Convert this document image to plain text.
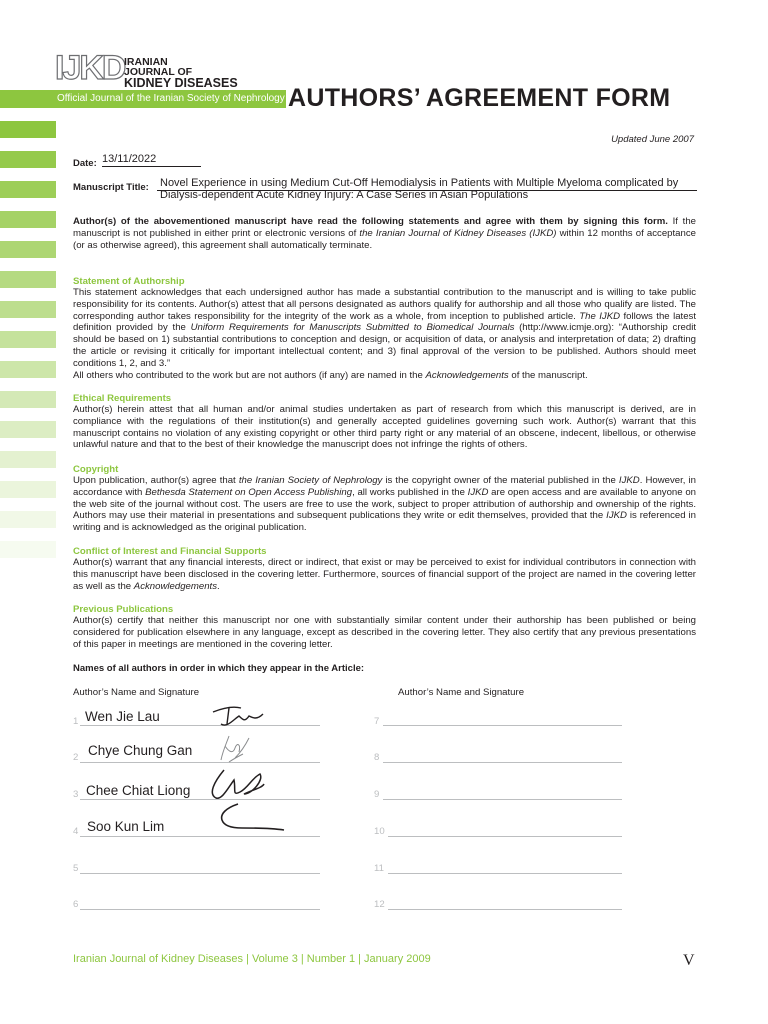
IJKD IRANIAN
JOURNAL OF
KIDNEY DISEASES
Official Journal of the Iranian Society of Nephrology AUTHORS’ AGREEMENT FORM
Updated June 2007
Date: 13/11/2022
Manuscript Title: Novel Experience in using Medium Cut-Off Hemodialysis in Patients with Multiple Myeloma complicated by
Dialysis-dependent Acute Kidney Injury: A Case Series in Asian Populations
Author(s) of the abovementioned manuscript have read the following statements and agree with them by signing this form. If the manuscript is not published in either print or electronic versions of the Iranian Journal of Kidney Diseases (IJKD) within 12 months of acceptance (or as otherwise agreed), this agreement shall automatically terminate.
Statement of Authorship
This statement acknowledges that each undersigned author has made a substantial contribution to the manuscript and is willing to take public responsibility for its contents. Author(s) attest that all persons designated as authors qualify for authorship and all those who qualify are listed. The corresponding author takes responsibility for the integrity of the work as a whole, from inception to published article. The IJKD follows the latest definition provided by the Uniform Requirements for Manuscripts Submitted to Biomedical Journals (http://www.icmje.org): “Authorship credit should be based on 1) substantial contributions to conception and design, or acquisition of data, or analysis and interpretation of data; 2) drafting the article or revising it critically for important intellectual content; and 3) final approval of the version to be published. Authors should meet conditions 1, 2, and 3.”
All others who contributed to the work but are not authors (if any) are named in the Acknowledgements of the manuscript.
Ethical Requirements
Author(s) herein attest that all human and/or animal studies undertaken as part of research from which this manuscript is derived, are in compliance with the regulations of their institution(s) and generally accepted guidelines governing such work. Author(s) warrant that this manuscript contains no violation of any existing copyright or other third party right or any material of an obscene, indecent, libellous, or otherwise unlawful nature and that to the best of their knowledge the manuscript does not infringe the rights of others.
Copyright
Upon publication, author(s) agree that the Iranian Society of Nephrology is the copyright owner of the material published in the IJKD. However, in accordance with Bethesda Statement on Open Access Publishing, all works published in the IJKD are open access and are available to anyone on the web site of the journal without cost. The users are free to use the work, subject to proper attribution of authorship and ownership of the rights. Authors may use their material in presentations and subsequent publications they write or edit themselves, provided that the IJKD is referenced in writing and is acknowledged as the original publication.
Conflict of Interest and Financial Supports
Author(s) warrant that any financial interests, direct or indirect, that exist or may be perceived to exist for individual contributors in connection with this manuscript have been disclosed in the covering letter. Furthermore, sources of financial support of the project are named in the covering letter as well as the Acknowledgements.
Previous Publications
Author(s) certify that neither this manuscript nor one with substantially similar content under their authorship has been published or being considered for publication elsewhere in any language, except as described in the covering letter. They also certify that any previous presentations of this paper in meetings are mentioned in the covering letter.
Names of all authors in order in which they appear in the Article:
Author’s Name and Signature	Author’s Name and Signature
1 Wen Jie Lau
2 Chye Chung Gan
3 Chee Chiat Liong
4 Soo Kun Lim
5
6
7
8
9
10
11
12
Iranian Journal of Kidney Diseases | Volume 3 | Number 1 | January 2009	V
